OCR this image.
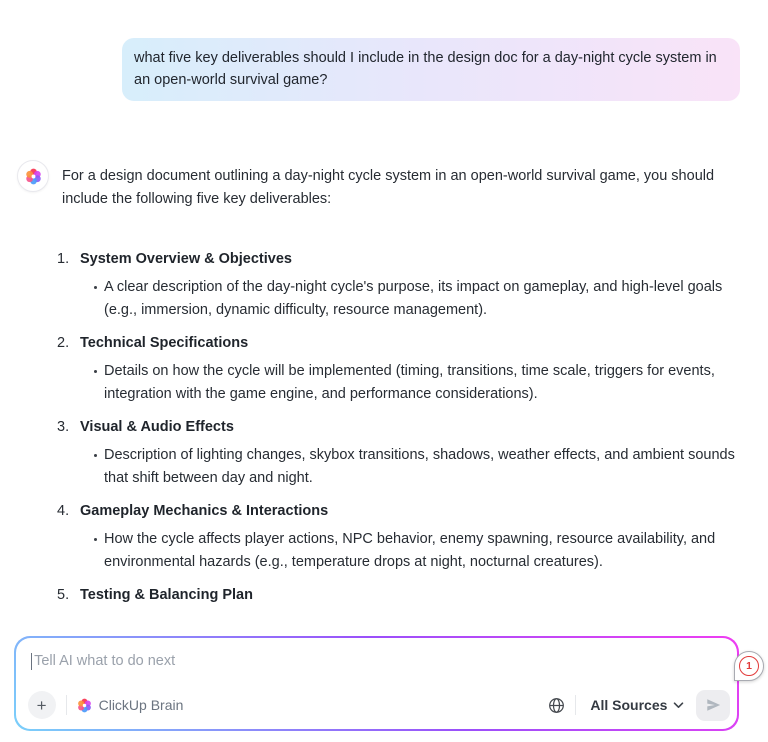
what five key deliverables should I include in the design doc for a day-night cycle system in an open-world survival game?
For a design document outlining a day-night cycle system in an open-world survival game, you should include the following five key deliverables:
1. System Overview & Objectives
A clear description of the day-night cycle's purpose, its impact on gameplay, and high-level goals (e.g., immersion, dynamic difficulty, resource management).
2. Technical Specifications
Details on how the cycle will be implemented (timing, transitions, time scale, triggers for events, integration with the game engine, and performance considerations).
3. Visual & Audio Effects
Description of lighting changes, skybox transitions, shadows, weather effects, and ambient sounds that shift between day and night.
4. Gameplay Mechanics & Interactions
How the cycle affects player actions, NPC behavior, enemy spawning, resource availability, and environmental hazards (e.g., temperature drops at night, nocturnal creatures).
5. Testing & Balancing Plan
Tell AI what to do next
+	ClickUp Brain	All Sources
1
